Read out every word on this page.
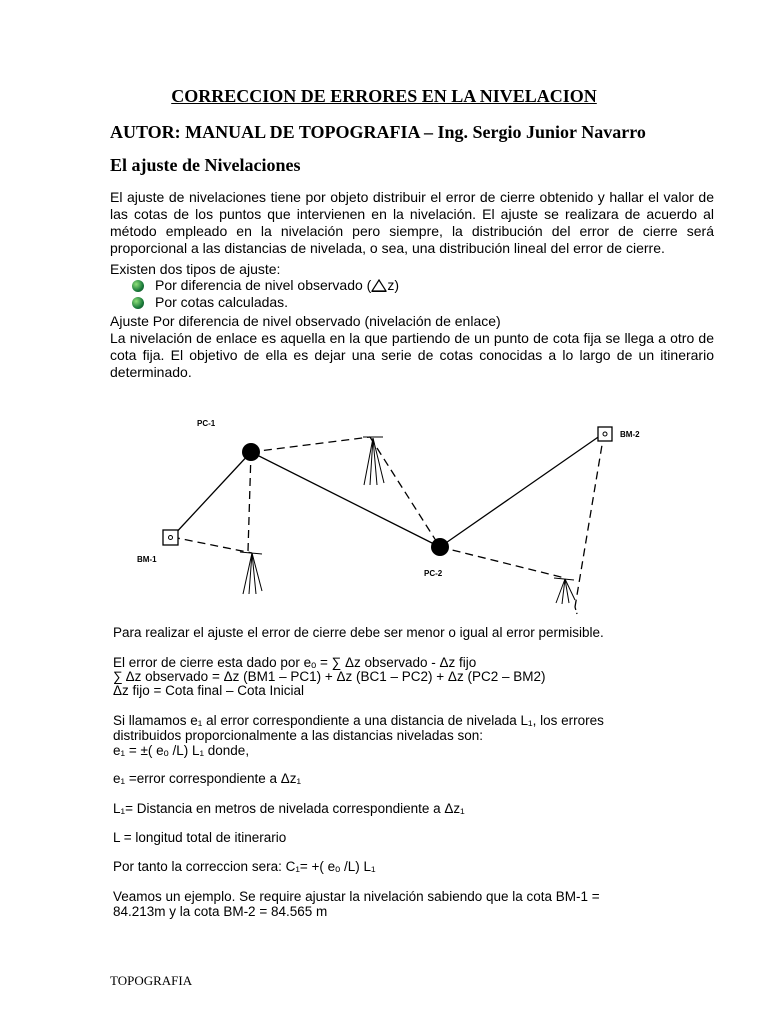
CORRECCION DE ERRORES EN LA NIVELACION
AUTOR: MANUAL DE TOPOGRAFIA – Ing. Sergio Junior Navarro
El ajuste de Nivelaciones
El ajuste de nivelaciones tiene por objeto distribuir el error de cierre obtenido y hallar el valor de las cotas de los puntos que intervienen en la nivelación. El ajuste se realizara de acuerdo al método empleado en la nivelación pero siempre, la distribución del error de cierre será proporcional a las distancias de nivelada, o sea, una distribución lineal del error de cierre.
Existen dos tipos de ajuste:
Por diferencia de nivel observado ( z)
Por cotas calculadas.
Ajuste Por diferencia de nivel observado (nivelación de enlace)
La nivelación de enlace es aquella en la que partiendo de un punto de cota fija se llega a otro de cota fija. El objetivo de ella es dejar una serie de cotas conocidas a lo largo de un itinerario determinado.
PC-1
PC-2
BM-1
BM-2
Para realizar el ajuste el error de cierre debe ser menor o igual al error permisible.
El error de cierre esta dado por eₒ = ∑ Δz observado - Δz fijo
∑ Δz observado = Δz (BM1 – PC1) + Δz (BC1 – PC2) + Δz (PC2 – BM2)
Δz fijo = Cota final – Cota Inicial
Si llamamos e₁ al error correspondiente a una distancia de nivelada L₁, los errores
distribuidos proporcionalmente a las distancias niveladas son:
e₁ = ±( eₒ /L) L₁ donde,
e₁ =error correspondiente a Δz₁
L₁= Distancia en metros de nivelada correspondiente a Δz₁
L = longitud total de itinerario
Por tanto la correccion sera: C₁= +( eₒ /L) L₁
Veamos un ejemplo. Se require ajustar la nivelación sabiendo que la cota BM-1 =
84.213m y la cota BM-2 = 84.565 m
TOPOGRAFIA
